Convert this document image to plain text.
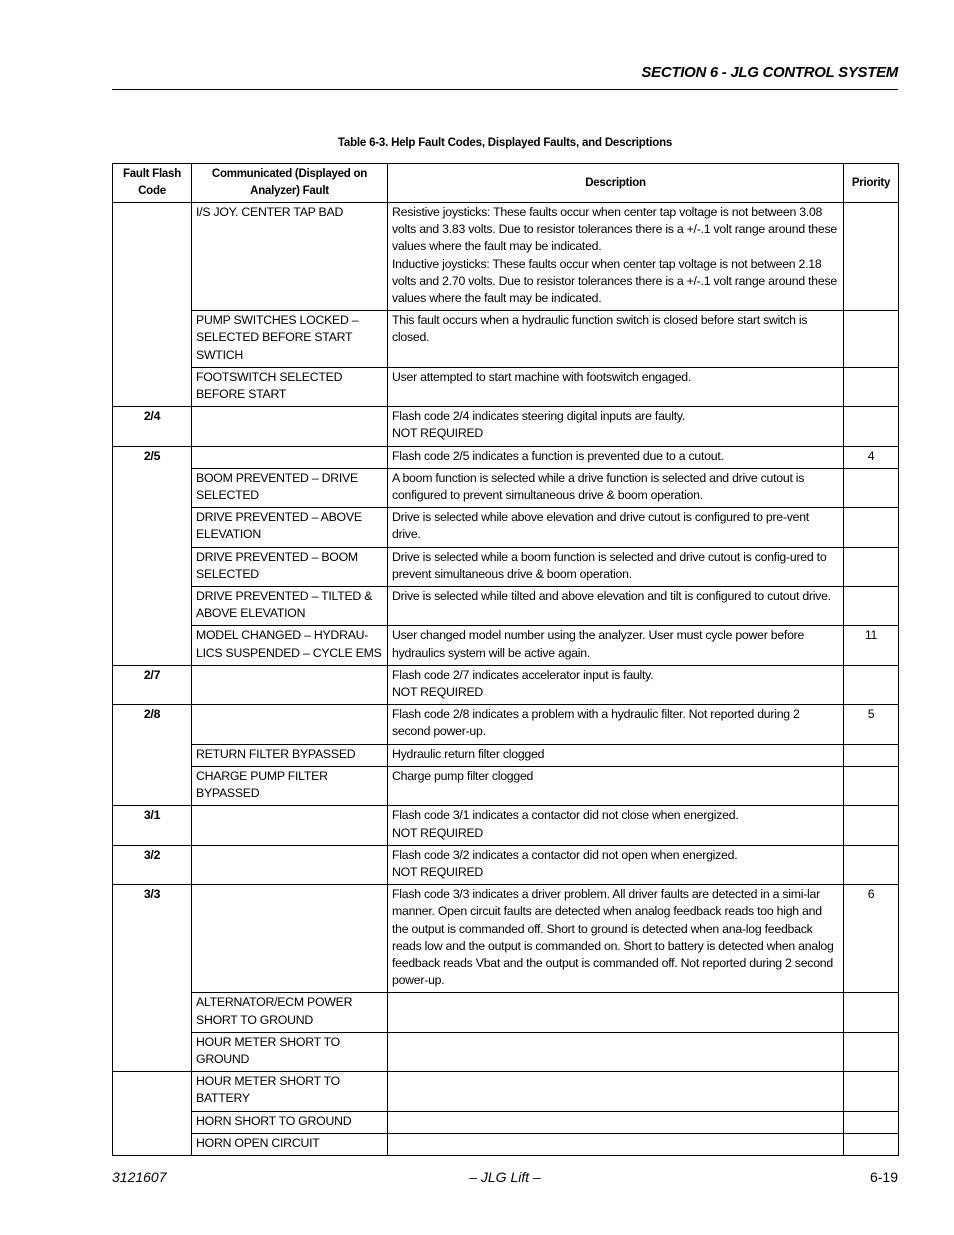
SECTION 6 - JLG CONTROL SYSTEM
Table 6-3. Help Fault Codes, Displayed Faults, and Descriptions
Fault Flash Code	Communicated (Displayed on Analyzer) Fault	Description	Priority
	I/S JOY. CENTER TAP BAD	Resistive joysticks: These faults occur when center tap voltage is not between 3.08 volts and 3.83 volts. Due to resistor tolerances there is a +/-.1 volt range around these values where the fault may be indicated.
Inductive joysticks: These faults occur when center tap voltage is not between 2.18 volts and 2.70 volts. Due to resistor tolerances there is a +/-.1 volt range around these values where the fault may be indicated.	

	PUMP SWITCHES LOCKED – SELECTED BEFORE START SWTICH	This fault occurs when a hydraulic function switch is closed before start switch is closed.	

	FOOTSWITCH SELECTED BEFORE START	User attempted to start machine with footswitch engaged.	

2/4		Flash code 2/4 indicates steering digital inputs are faulty.
NOT REQUIRED	

2/5		Flash code 2/5 indicates a function is prevented due to a cutout.	4
	BOOM PREVENTED – DRIVE SELECTED	A boom function is selected while a drive function is selected and drive cutout is configured to prevent simultaneous drive & boom operation.	

	DRIVE PREVENTED – ABOVE ELEVATION	Drive is selected while above elevation and drive cutout is configured to pre-vent drive.	

	DRIVE PREVENTED – BOOM SELECTED	Drive is selected while a boom function is selected and drive cutout is config-ured to prevent simultaneous drive & boom operation.	

	DRIVE PREVENTED – TILTED & ABOVE ELEVATION	Drive is selected while tilted and above elevation and tilt is configured to cutout drive.	

	MODEL CHANGED – HYDRAU-LICS SUSPENDED – CYCLE EMS	User changed model number using the analyzer. User must cycle power before hydraulics system will be active again.	11
2/7		Flash code 2/7 indicates accelerator input is faulty.
NOT REQUIRED	

2/8		Flash code 2/8 indicates a problem with a hydraulic filter. Not reported during 2 second power-up.	5
	RETURN FILTER BYPASSED	Hydraulic return filter clogged	

	CHARGE PUMP FILTER BYPASSED	Charge pump filter clogged	

3/1		Flash code 3/1 indicates a contactor did not close when energized.
NOT REQUIRED	

3/2		Flash code 3/2 indicates a contactor did not open when energized.
NOT REQUIRED	

3/3		Flash code 3/3 indicates a driver problem. All driver faults are detected in a simi-lar manner. Open circuit faults are detected when analog feedback reads too high and the output is commanded off. Short to ground is detected when ana-log feedback reads low and the output is commanded on. Short to battery is detected when analog feedback reads Vbat and the output is commanded off. Not reported during 2 second power-up.	6
	ALTERNATOR/ECM POWER SHORT TO GROUND	

	HOUR METER SHORT TO GROUND	

	HOUR METER SHORT TO BATTERY	

	HORN SHORT TO GROUND	

	HORN OPEN CIRCUIT	

3121607	– JLG Lift –	6-19
